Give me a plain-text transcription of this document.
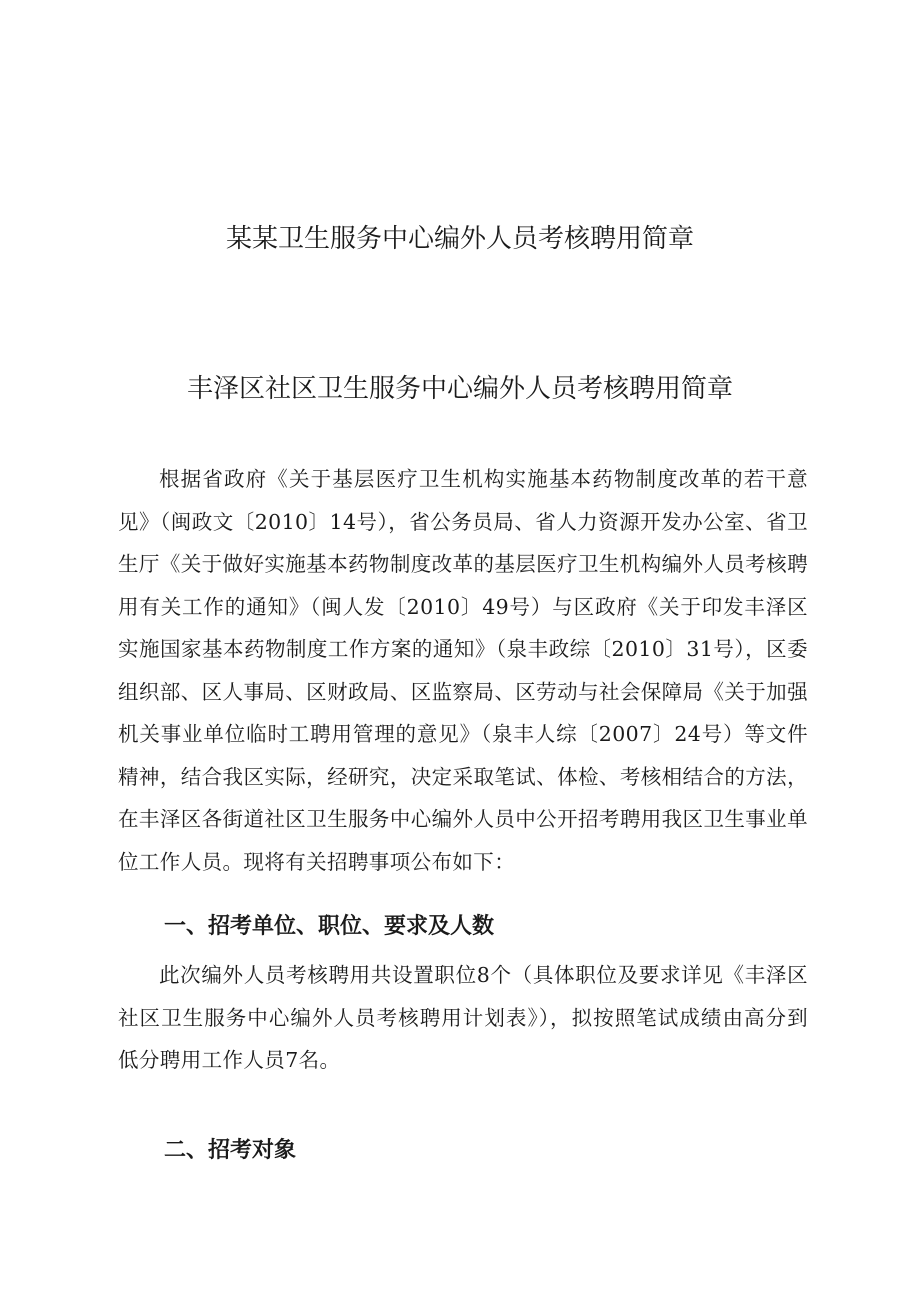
某某卫生服务中心编外人员考核聘用简章
丰泽区社区卫生服务中心编外人员考核聘用简章

根据省政府《关于基层医疗卫生机构实施基本药物制度改革的若干意见》（闽政文〔2010〕14号），省公务员局、省人力资源开发办公室、省卫生厅《关于做好实施基本药物制度改革的基层医疗卫生机构编外人员考核聘用有关工作的通知》（闽人发〔2010〕49号）与区政府《关于印发丰泽区实施国家基本药物制度工作方案的通知》（泉丰政综〔2010〕31号），区委组织部、区人事局、区财政局、区监察局、区劳动与社会保障局《关于加强机关事业单位临时工聘用管理的意见》（泉丰人综〔2007〕24号）等文件精神，结合我区实际，经研究，决定采取笔试、体检、考核相结合的方法，在丰泽区各街道社区卫生服务中心编外人员中公开招考聘用我区卫生事业单位工作人员。现将有关招聘事项公布如下：

一、招考单位、职位、要求及人数

此次编外人员考核聘用共设置职位8个（具体职位及要求详见《丰泽区社区卫生服务中心编外人员考核聘用计划表》），拟按照笔试成绩由高分到低分聘用工作人员7名。

二、招考对象
